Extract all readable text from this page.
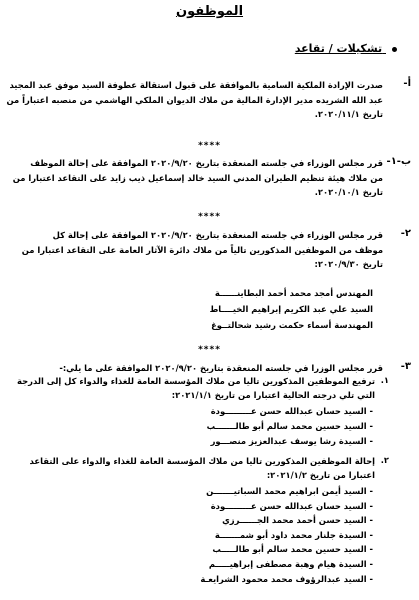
الموظفون
تشكيلات / تقاعد
أ-
صدرت الإرادة الملكية السامية بالموافقة على قبول استقالة عطوفة السيد موفق عبد المجيد
عبد الله الشريده مدير الإدارة المالية من ملاك الديوان الملكي الهاشمي من منصبه اعتباراً من
تاريخ ٢٠٢٠/١١/١.
****
ب-١-
قرر مجلس الوزراء في جلسته المنعقدة بتاريخ ٢٠٢٠/٩/٢٠ الموافقة على إحالة الموظف
من ملاك هيئة تنظيم الطيران المدني السيد خالد إسماعيل ذيب زايد على التقاعد اعتبارا من
تاريخ ٢٠٢٠/١٠/١.
****
٢-
قرر مجلس الوزراء في جلسته المنعقدة بتاريخ ٢٠٢٠/٩/٢٠ الموافقة على إحالة كل
موظف من الموظفين المذكورين تالياً من ملاك دائرة الآثار العامة على التقاعد اعتبارا من
تاريخ ٢٠٢٠/٩/٣٠:
المهندس أمجد محمد أحمد البطاينــــــة
السيد علي عبد الكريم إبراهيم الخيــــاط
المهندسة أسماء حكمت رشيد شحالتــوغ
****
٣-
قرر مجلس الوزرا في جلسته المنعقدة بتاريخ ٢٠٢٠/٩/٢٠ الموافقة على ما يلي:-
١.
ترفيع الموظفين المذكورين تاليا من ملاك المؤسسة العامة للغذاء والدواء كل إلى الدرجة
التي تلي درجته الحالية اعتبارا من تاريخ ٢٠٢١/١/١:
- السيد حسان عبدالله حسن عـــــــــودة
- السيد حسين محمد سالم أبو طالـــــــب
- السيدة رشا يوسف عبدالعزيز منصـــور
٢.
إحالة الموظفين المذكورين تاليا من ملاك المؤسسة العامة للغذاء والدواء على التقاعد
اعتبارا من تاريخ ٢٠٢١/١/٢:
- السيد أيمن ابراهيم محمد السباتيـــــــن
- السيد حسان عبدالله حسن عـــــــــودة
- السيد حسن أحمد محمد الجــــــرزي
- السيدة جلنار محمد داود أبو شمـــــــة
- السيد حسين محمد سالم أبو طالـــــب
- السيدة هيام وهبة مصطفى إبراهيـــــم
- السيد عبدالرؤوف محمد محمود الشرايعـة
